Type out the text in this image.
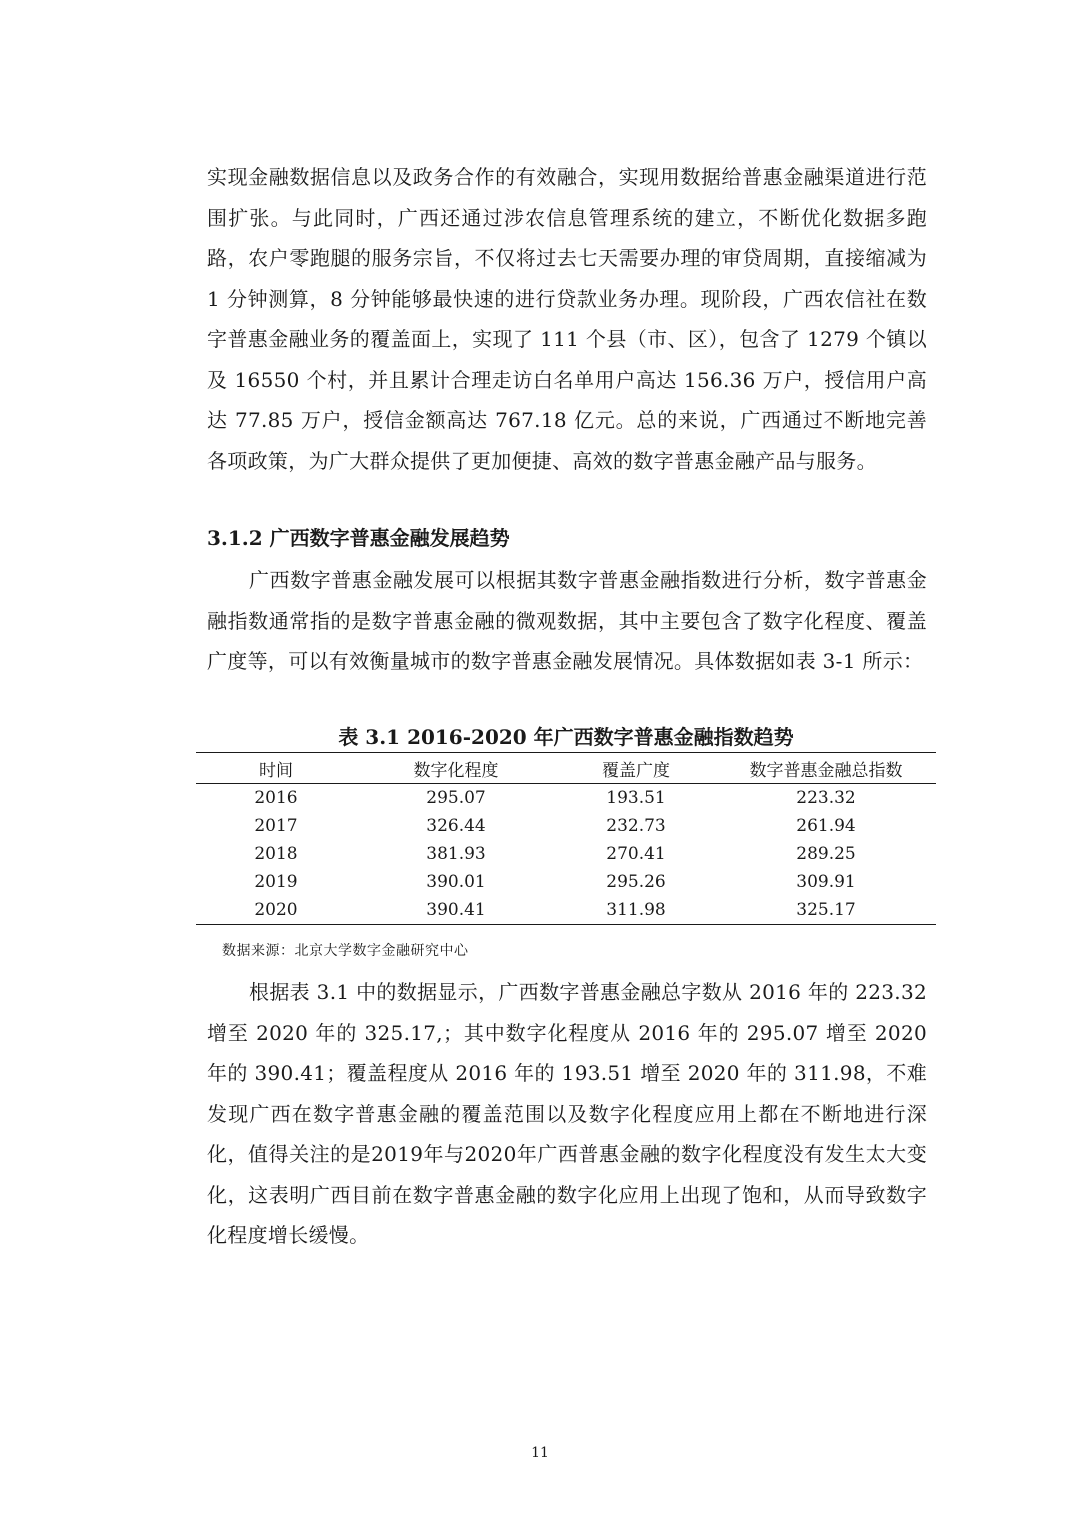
实现金融数据信息以及政务合作的有效融合，实现用数据给普惠金融渠道进行范围扩张。与此同时，广西还通过涉农信息管理系统的建立，不断优化数据多跑路，农户零跑腿的服务宗旨，不仅将过去七天需要办理的审贷周期，直接缩减为 1 分钟测算，8 分钟能够最快速的进行贷款业务办理。现阶段，广西农信社在数字普惠金融业务的覆盖面上，实现了 111 个县（市、区），包含了 1279 个镇以及 16550 个村，并且累计合理走访白名单用户高达 156.36 万户，授信用户高达 77.85 万户，授信金额高达 767.18 亿元。总的来说，广西通过不断地完善各项政策，为广大群众提供了更加便捷、高效的数字普惠金融产品与服务。

3.1.2 广西数字普惠金融发展趋势

广西数字普惠金融发展可以根据其数字普惠金融指数进行分析，数字普惠金融指数通常指的是数字普惠金融的微观数据，其中主要包含了数字化程度、覆盖广度等，可以有效衡量城市的数字普惠金融发展情况。具体数据如表 3-1 所示：

表 3.1 2016-2020 年广西数字普惠金融指数趋势
时间	数字化程度	覆盖广度	数字普惠金融总指数
2016	295.07	193.51	223.32
2017	326.44	232.73	261.94
2018	381.93	270.41	289.25
2019	390.01	295.26	309.91
2020	390.41	311.98	325.17
数据来源：北京大学数字金融研究中心

根据表 3.1 中的数据显示，广西数字普惠金融总字数从 2016 年的 223.32 增至 2020 年的 325.17,；其中数字化程度从 2016 年的 295.07 增至 2020 年的 390.41；覆盖程度从 2016 年的 193.51 增至 2020 年的 311.98，不难发现广西在数字普惠金融的覆盖范围以及数字化程度应用上都在不断地进行深化，值得关注的是2019年与2020年广西普惠金融的数字化程度没有发生太大变化，这表明广西目前在数字普惠金融的数字化应用上出现了饱和，从而导致数字化程度增长缓慢。

11
